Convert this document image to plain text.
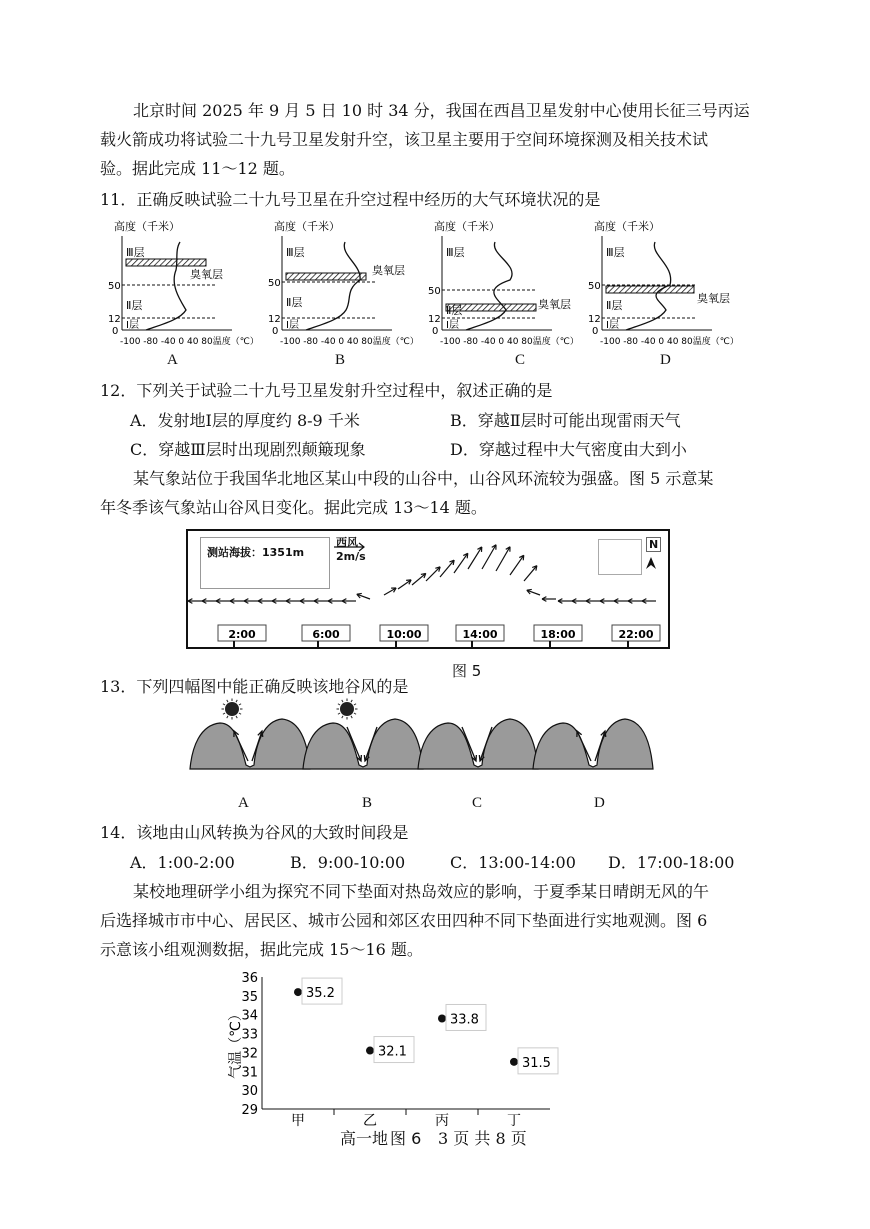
北京时间 2025 年 9 月 5 日 10 时 34 分，我国在西昌卫星发射中心使用长征三号丙运
载火箭成功将试验二十九号卫星发射升空，该卫星主要用于空间环境探测及相关技术试
验。据此完成 11～12 题。
11．正确反映试验二十九号卫星在升空过程中经历的大气环境状况的是
高度（千米）
50
12
0
Ⅲ层
Ⅱ层
Ⅰ层
臭氧层
-100 -80 -40 0 40 80温度（℃）
高度（千米）
50
12
0
Ⅲ层
Ⅱ层
Ⅰ层
臭氧层
-100 -80 -40 0 40 80温度（℃）
高度（千米）
50
12
0
Ⅲ层
Ⅰ层
臭氧层
-100 -80 -40 0 40 80温度（℃）
高度（千米）
50
12
0
Ⅲ层
Ⅱ层
Ⅰ层
臭氧层
-100 -80 -40 0 40 80温度（℃）
A	B	C	D
12．下列关于试验二十九号卫星发射升空过程中，叙述正确的是
A．发射地Ⅰ层的厚度约 8-9 千米	B．穿越Ⅱ层时可能出现雷雨天气
C．穿越Ⅲ层时出现剧烈颠簸现象	D．穿越过程中大气密度由大到小
某气象站位于我国华北地区某山中段的山谷中，山谷风环流较为强盛。图 5 示意某
年冬季该气象站山谷风日变化。据此完成 13～14 题。
测站海拔：1351m
西风
2m/s
N
2:00	6:00	10:00	14:00	18:00	22:00
图 5
13．下列四幅图中能正确反映该地谷风的是
A	B	C	D
14．该地由山风转换为谷风的大致时间段是
A．1:00-2:00	B．9:00-10:00	C．13:00-14:00 D．17:00-18:00
某校地理研学小组为探究不同下垫面对热岛效应的影响，于夏季某日晴朗无风的午
后选择城市市中心、居民区、城市公园和郊区农田四种不同下垫面进行实地观测。图 6
示意该小组观测数据，据此完成 15～16 题。
29
30
31
32
33
34
35
36
气温（℃）
甲	乙	丙	丁
35.2
32.1
33.8
31.5
高一地 图 6 3 页 共 8 页
